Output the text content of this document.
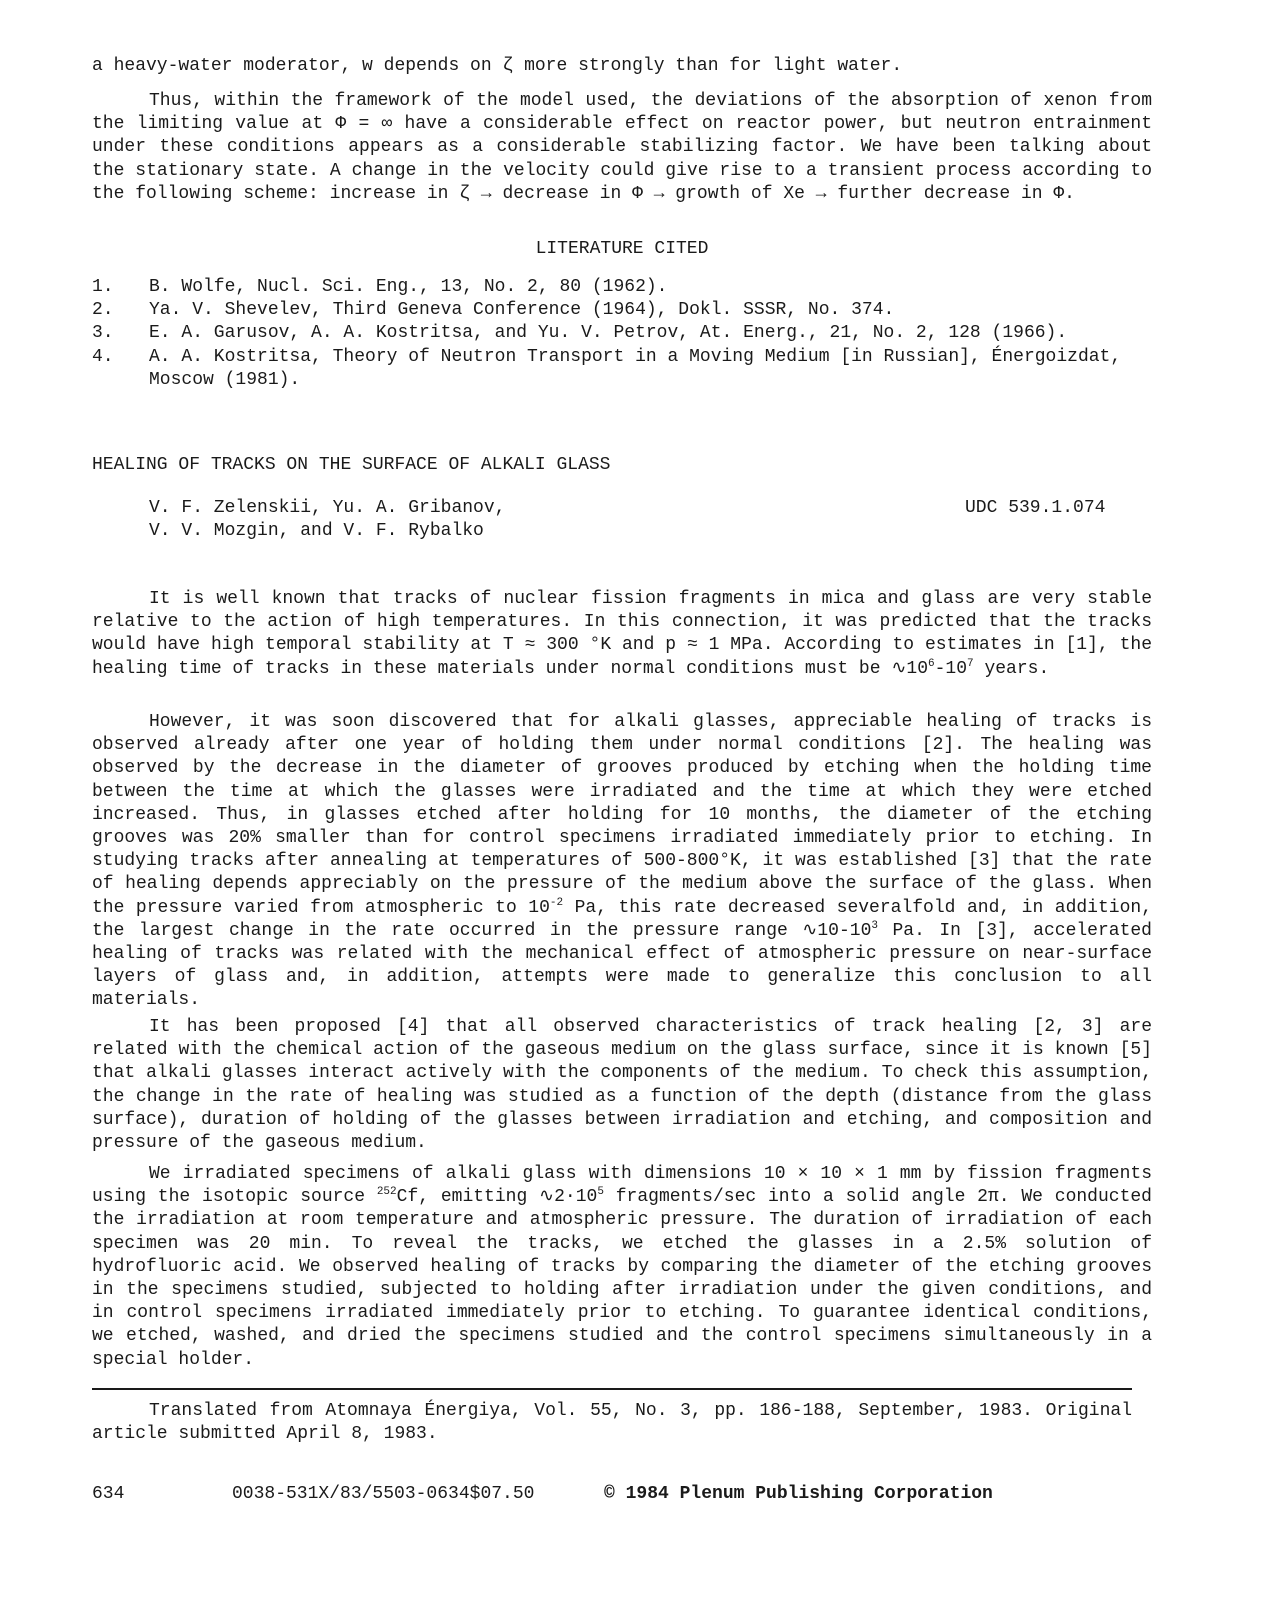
a heavy-water moderator, w depends on ζ more strongly than for light water.

Thus, within the framework of the model used, the deviations of the absorption of xenon from the limiting value at Φ = ∞ have a considerable effect on reactor power, but neutron entrainment under these conditions appears as a considerable stabilizing factor. We have been talking about the stationary state. A change in the velocity could give rise to a transient process according to the following scheme: increase in ζ → decrease in Φ → growth of Xe → further decrease in Φ.

LITERATURE CITED

1. B. Wolfe, Nucl. Sci. Eng., 13, No. 2, 80 (1962).
2. Ya. V. Shevelev, Third Geneva Conference (1964), Dokl. SSSR, No. 374.
3. E. A. Garusov, A. A. Kostritsa, and Yu. V. Petrov, At. Energ., 21, No. 2, 128 (1966).
4. A. A. Kostritsa, Theory of Neutron Transport in a Moving Medium [in Russian], Énergoizdat, Moscow (1981).
HEALING OF TRACKS ON THE SURFACE OF ALKALI GLASS
V. F. Zelenskii, Yu. A. Gribanov,
V. V. Mozgin, and V. F. Rybalko
UDC 539.1.074

It is well known that tracks of nuclear fission fragments in mica and glass are very stable relative to the action of high temperatures. In this connection, it was predicted that the tracks would have high temporal stability at T ≈ 300 °K and p ≈ 1 MPa. According to estimates in [1], the healing time of tracks in these materials under normal conditions must be $∿10^6-10^7$ years.

However, it was soon discovered that for alkali glasses, appreciable healing of tracks is observed already after one year of holding them under normal conditions [2]. The healing was observed by the decrease in the diameter of grooves produced by etching when the holding time between the time at which the glasses were irradiated and the time at which they were etched increased. Thus, in glasses etched after holding for 10 months, the diameter of the etching grooves was 20% smaller than for control specimens irradiated immediately prior to etching. In studying tracks after annealing at temperatures of 500-800°K, it was established [3] that the rate of healing depends appreciably on the pressure of the medium above the surface of the glass. When the pressure varied from atmospheric to $10^{-2}$ Pa, this rate decreased severalfold and, in addition, the largest change in the rate occurred in the pressure range $∿10-10^3$ Pa. In [3], accelerated healing of tracks was related with the mechanical effect of atmospheric pressure on near-surface layers of glass and, in addition, attempts were made to generalize this conclusion to all materials.

It has been proposed [4] that all observed characteristics of track healing [2, 3] are related with the chemical action of the gaseous medium on the glass surface, since it is known [5] that alkali glasses interact actively with the components of the medium. To check this assumption, the change in the rate of healing was studied as a function of the depth (distance from the glass surface), duration of holding of the glasses between irradiation and etching, and composition and pressure of the gaseous medium.

We irradiated specimens of alkali glass with dimensions 10 × 10 × 1 mm by fission fragments using the isotopic source $^{252}$Cf, emitting $∿2\cdot 10^5$ fragments/sec into a solid angle 2π. We conducted the irradiation at room temperature and atmospheric pressure. The duration of irradiation of each specimen was 20 min. To reveal the tracks, we etched the glasses in a 2.5% solution of hydrofluoric acid. We observed healing of tracks by comparing the diameter of the etching grooves in the specimens studied, subjected to holding after irradiation under the given conditions, and in control specimens irradiated immediately prior to etching. To guarantee identical conditions, we etched, washed, and dried the specimens studied and the control specimens simultaneously in a special holder.

Translated from Atomnaya Énergiya, Vol. 55, No. 3, pp. 186-188, September, 1983. Original article submitted April 8, 1983.

634	0038-531X/83/5503-0634$07.50	© 1984 Plenum Publishing Corporation
